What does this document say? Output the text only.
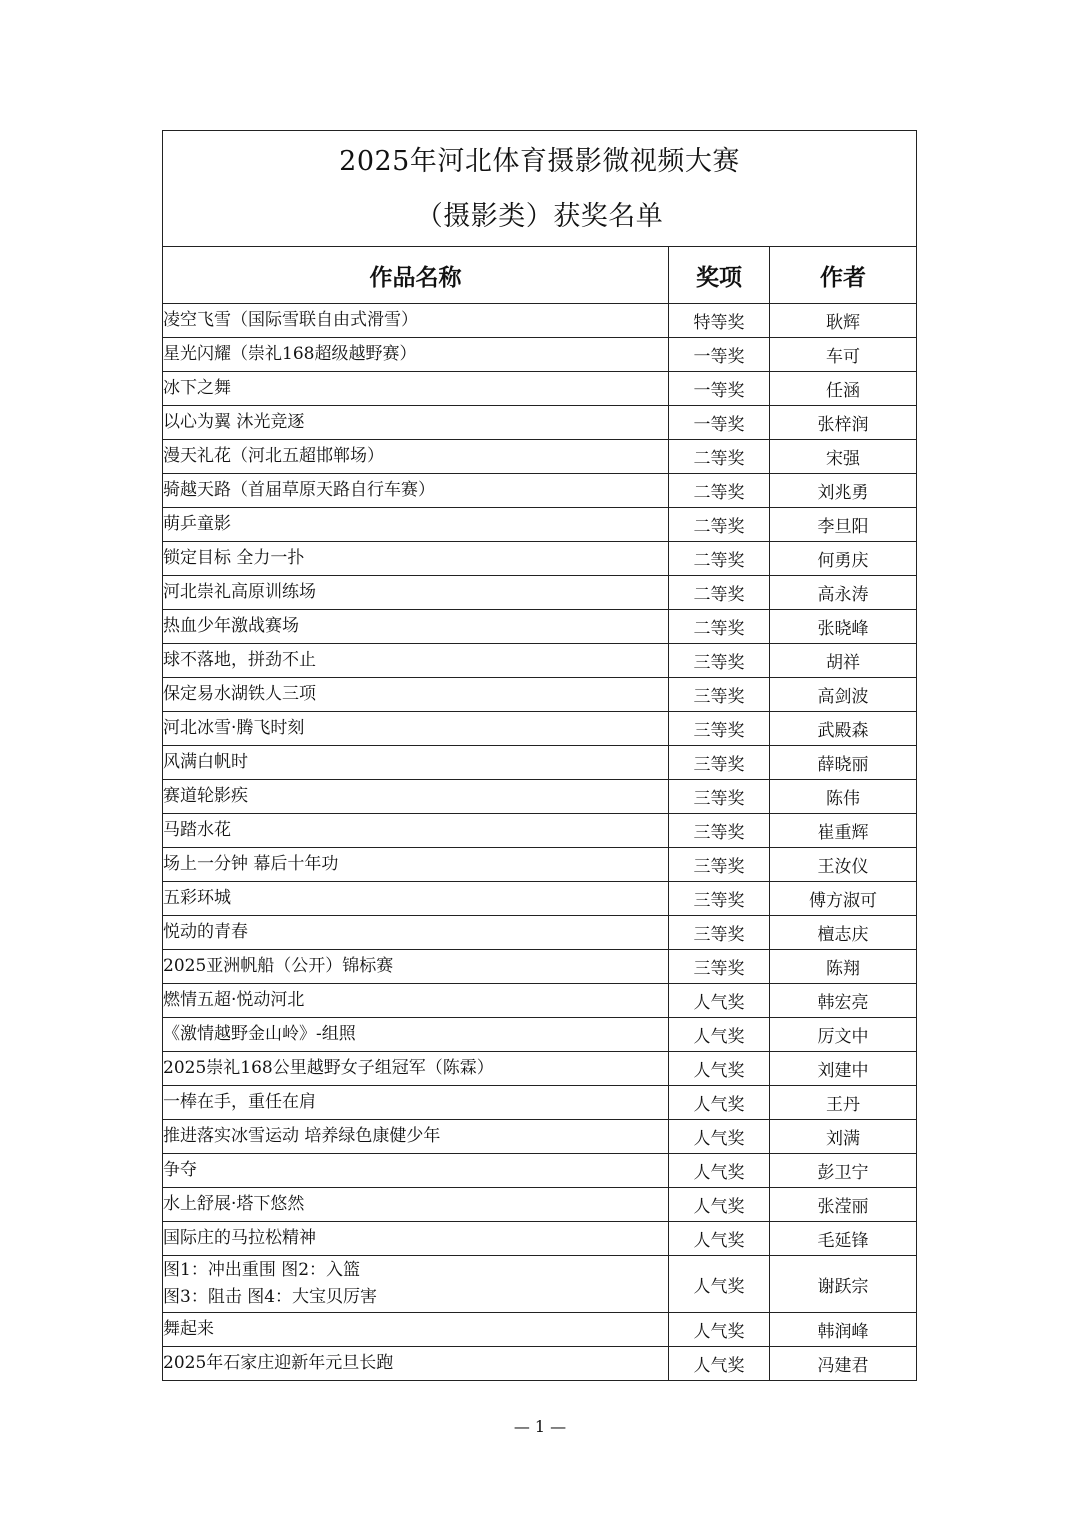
2025年河北体育摄影微视频大赛
（摄影类）获奖名单		

作品名称	奖项	作者

凌空飞雪（国际雪联自由式滑雪）	特等奖	耿辉

星光闪耀（崇礼168超级越野赛）	一等奖	车可

冰下之舞	一等奖	任涵

以心为翼 沐光竞逐	一等奖	张梓润

漫天礼花（河北五超邯郸场）	二等奖	宋强

骑越天路（首届草原天路自行车赛）	二等奖	刘兆勇

萌乒童影	二等奖	李旦阳

锁定目标 全力一扑	二等奖	何勇庆

河北崇礼高原训练场	二等奖	高永涛

热血少年激战赛场	二等奖	张晓峰

球不落地，拼劲不止	三等奖	胡祥

保定易水湖铁人三项	三等奖	高剑波

河北冰雪·腾飞时刻	三等奖	武殿森

风满白帆时	三等奖	薛晓丽

赛道轮影疾	三等奖	陈伟

马踏水花	三等奖	崔重辉

场上一分钟 幕后十年功	三等奖	王汝仪

五彩环城	三等奖	傅方淑可

悦动的青春	三等奖	檀志庆

2025亚洲帆船（公开）锦标赛	三等奖	陈翔

燃情五超·悦动河北	人气奖	韩宏亮

《激情越野金山岭》-组照	人气奖	厉文中

2025崇礼168公里越野女子组冠军（陈霖）	人气奖	刘建中

一棒在手，重任在肩	人气奖	王丹

推进落实冰雪运动 培养绿色康健少年	人气奖	刘满

争夺	人气奖	彭卫宁

水上舒展·塔下悠然	人气奖	张滢丽

国际庄的马拉松精神	人气奖	毛延锋

图1：冲出重围 图2：入篮
图3：阻击 图4：大宝贝厉害	人气奖	谢跃宗

舞起来	人气奖	韩润峰

2025年石家庄迎新年元旦长跑	人气奖	冯建君
— 1 —
